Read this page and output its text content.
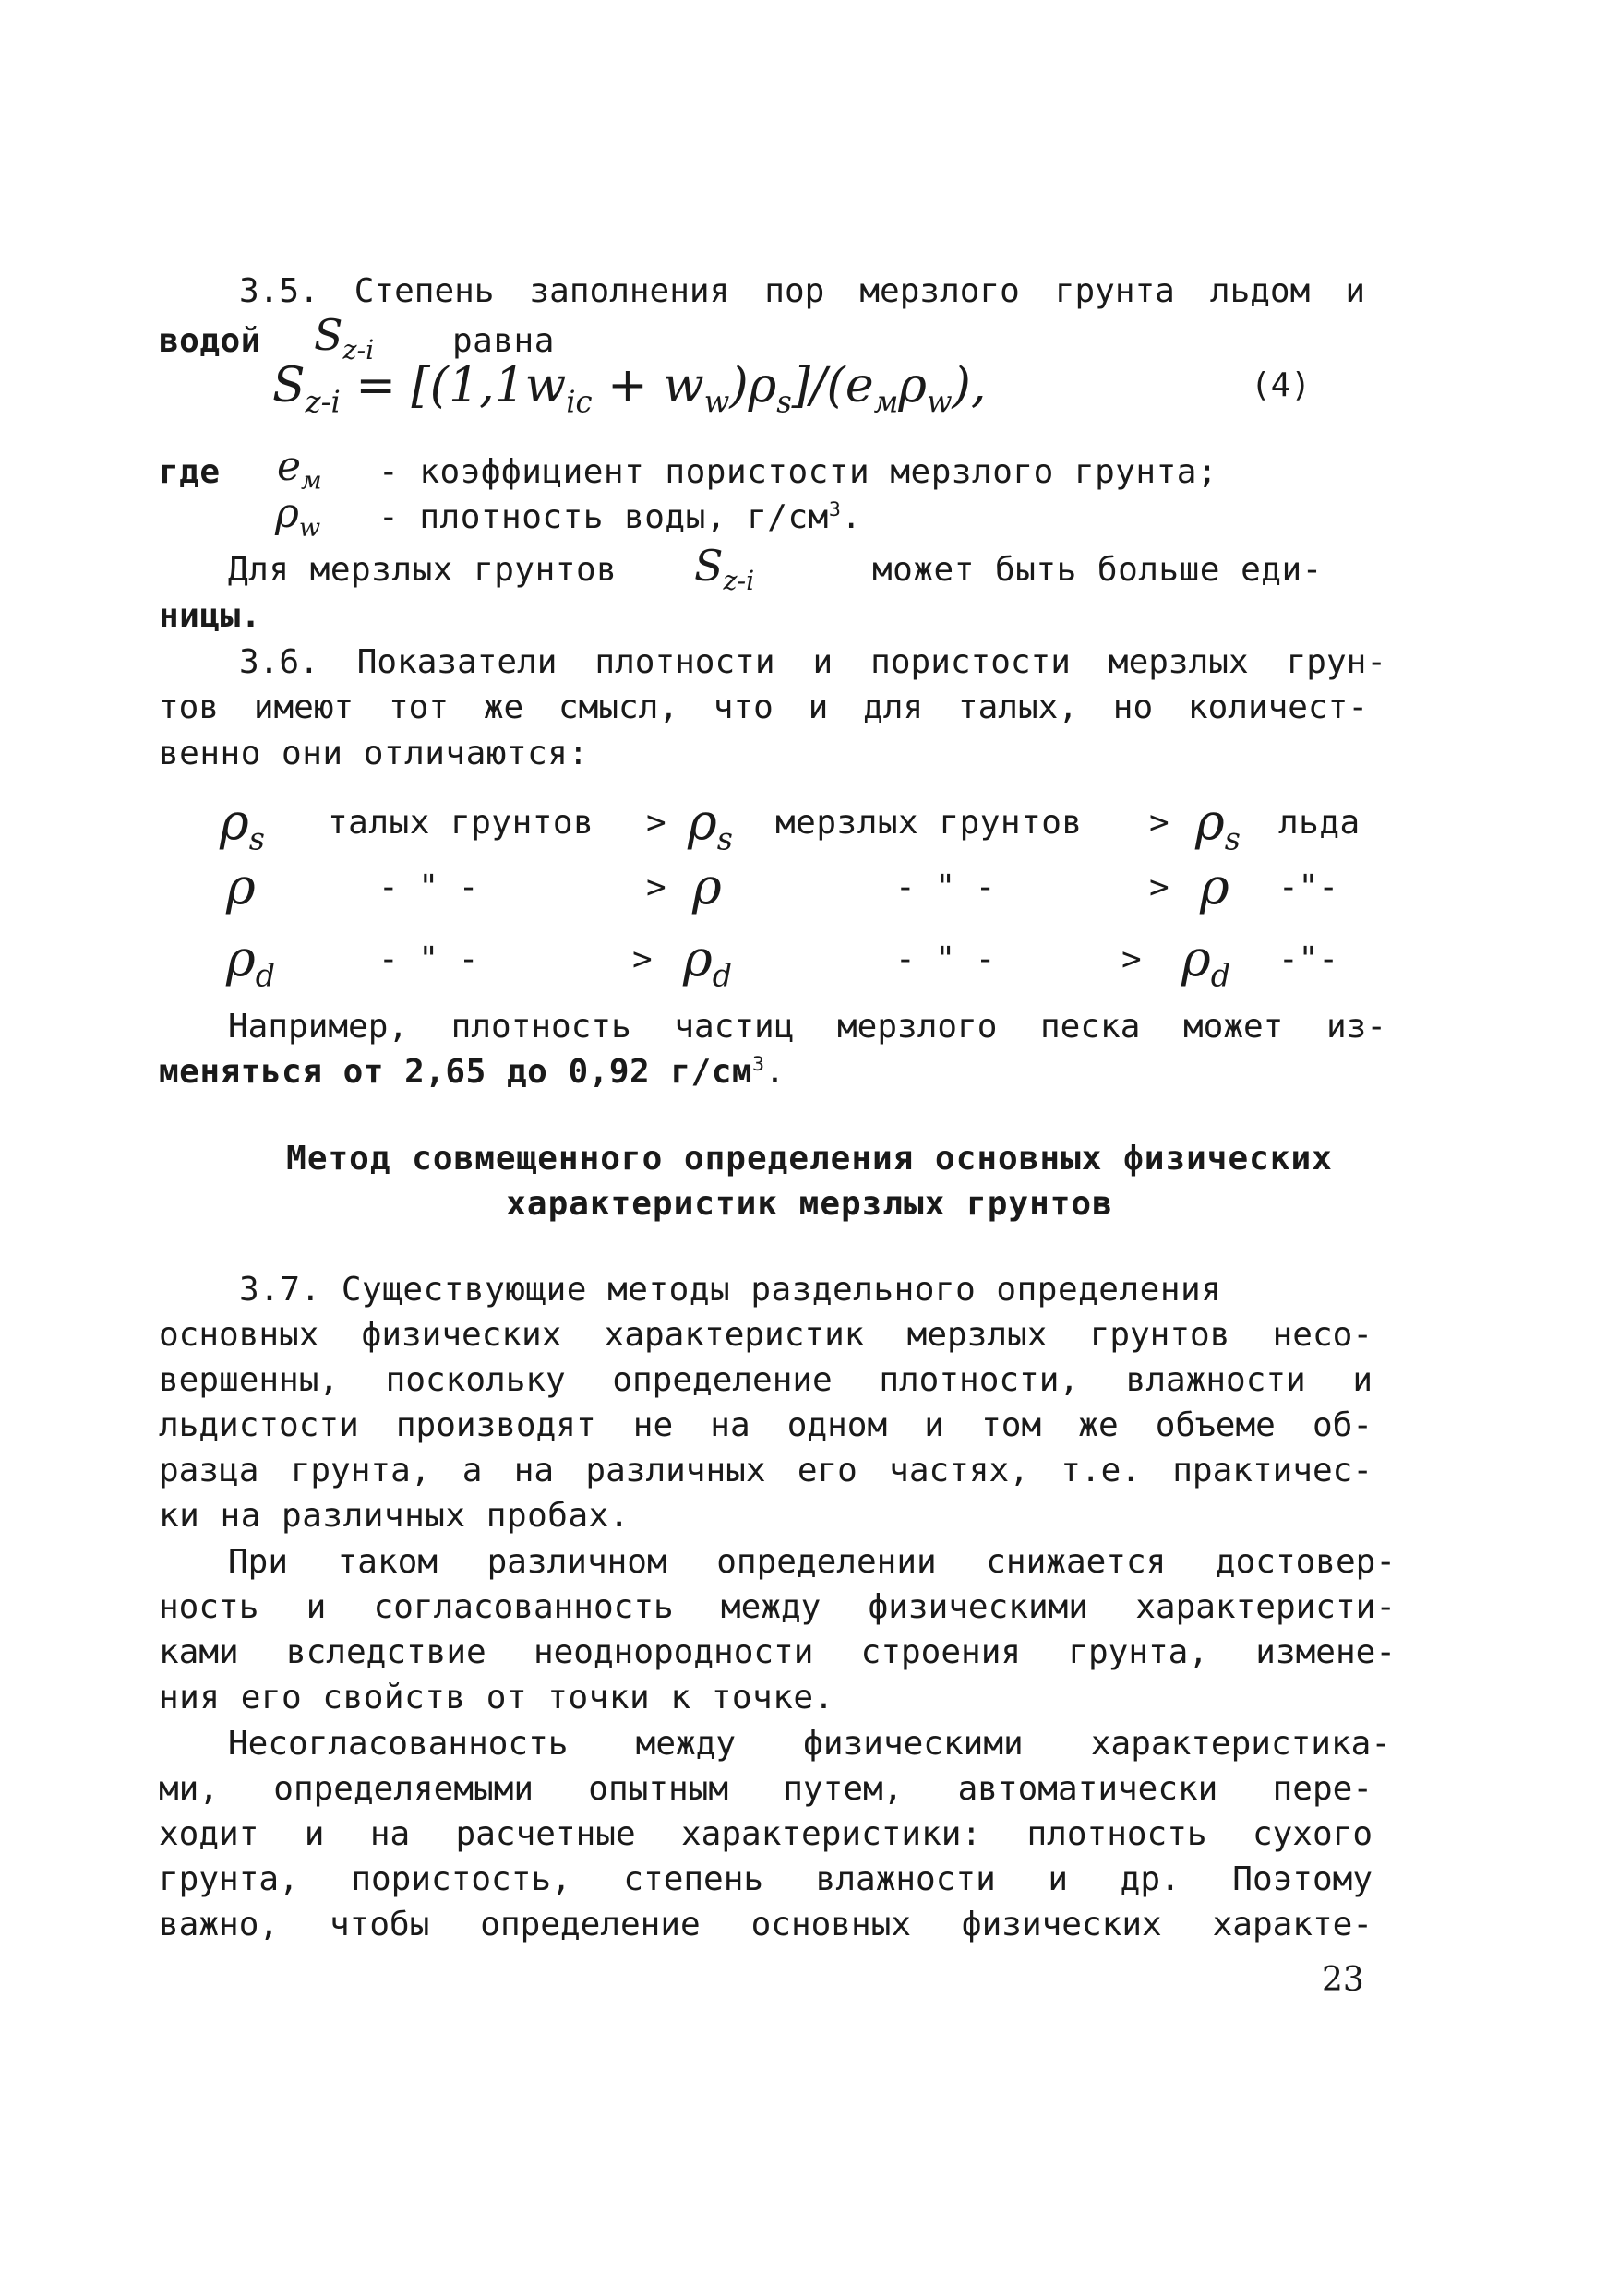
3.5. Степень заполнения пор мерзлого грунта льдом и
водой $S_{z-i}$ равна
$S_{z-i} = [(1,1w_{ic} + w_w)\rho_s]/(e_м\rho_w)$,	(4)
где $e_м$ - коэффициент пористости мерзлого грунта;
$\rho_w$ - плотность воды, $г/см^3$.
Для мерзлых грунтов $S_{z-i}$	может быть больше еди-
ницы.
3.6. Показатели плотности и пористости мерзлых грун-
тов имеют тот же смысл, что и для талых, но количест-
венно они отличаются:
$\rho_s$ талых грунтов > $\rho_s$ мерзлых грунтов > $\rho_s$ льда
ρ	- " -	> ρ	- " -	> ρ -"-
$\rho_d$	- " -	> $\rho_d$	- " -	> $\rho_d$ -"-
Например, плотность частиц мерзлого песка может из-
меняться от 2,65 до 0,92 $г/см^3$.
Метод совмещенного определения основных физических
характеристик мерзлых грунтов
3.7. Существующие методы раздельного определения
основных физических характеристик мерзлых грунтов несо-
вершенны, поскольку определение плотности, влажности и
льдистости производят не на одном и том же объеме об-
разца грунта, а на различных его частях, т.е. практичес-
ки на различных пробах.
При таком различном определении снижается достовер-
ность и согласованность между физическими характеристи-
ками вследствие неоднородности строения грунта, измене-
ния его свойств от точки к точке.
Несогласованность между физическими характеристика-
ми, определяемыми опытным путем, автоматически пере-
ходит и на расчетные характеристики: плотность сухого
грунта, пористость, степень влажности и др. Поэтому
важно, чтобы определение основных физических характе-
23
